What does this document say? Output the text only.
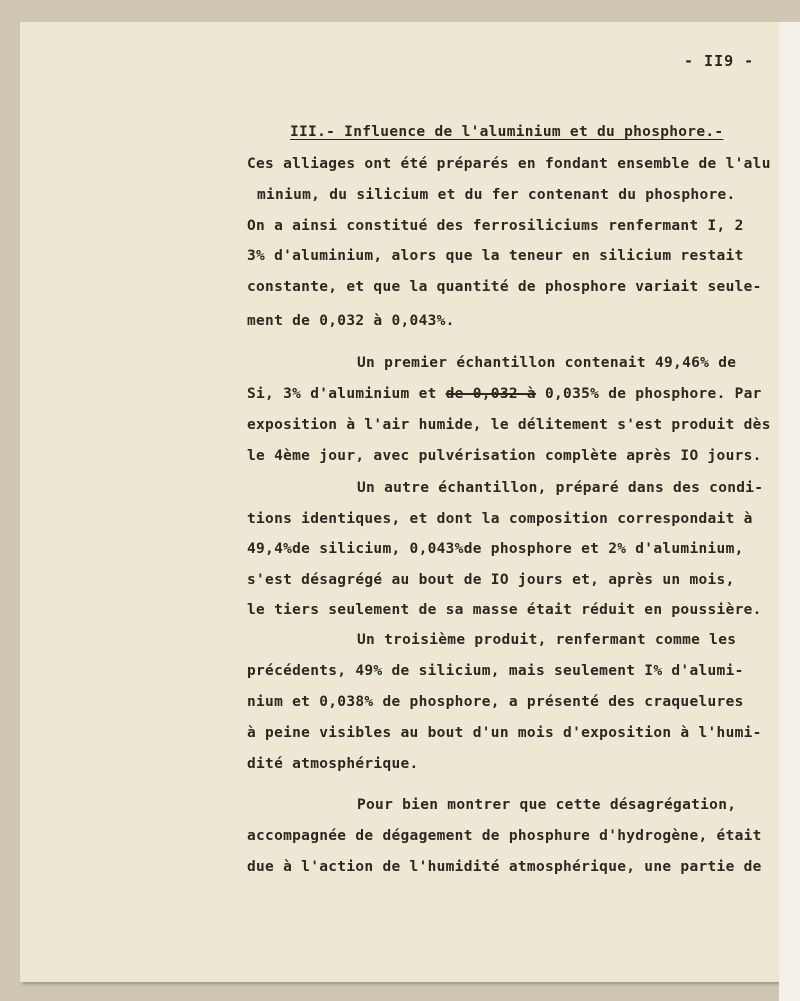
- II9 -
III.- Influence de l'aluminium et du phosphore.-
Ces alliages ont été préparés en fondant ensemble de l'alu
minium, du silicium et du fer contenant du phosphore.
On a ainsi constitué des ferrosiliciums renfermant I, 2
3% d'aluminium, alors que la teneur en silicium restait
constante, et que la quantité de phosphore variait seule-
ment de 0,032 à 0,043%.
Un premier échantillon contenait 49,46% de
Si, 3% d'aluminium et de 0,032 à 0,035% de phosphore. Par
exposition à l'air humide, le délitement s'est produit dès
le 4ème jour, avec pulvérisation complète après IO jours.
Un autre échantillon, préparé dans des condi-
tions identiques, et dont la composition correspondait à
49,4%de silicium, 0,043%de phosphore et 2% d'aluminium,
s'est désagrégé au bout de IO jours et, après un mois,
le tiers seulement de sa masse était réduit en poussière.
Un troisième produit, renfermant comme les
précédents, 49% de silicium, mais seulement I% d'alumi-
nium et 0,038% de phosphore, a présenté des craquelures
à peine visibles au bout d'un mois d'exposition à l'humi-
dité atmosphérique.
Pour bien montrer que cette désagrégation,
accompagnée de dégagement de phosphure d'hydrogène, était
due à l'action de l'humidité atmosphérique, une partie de
